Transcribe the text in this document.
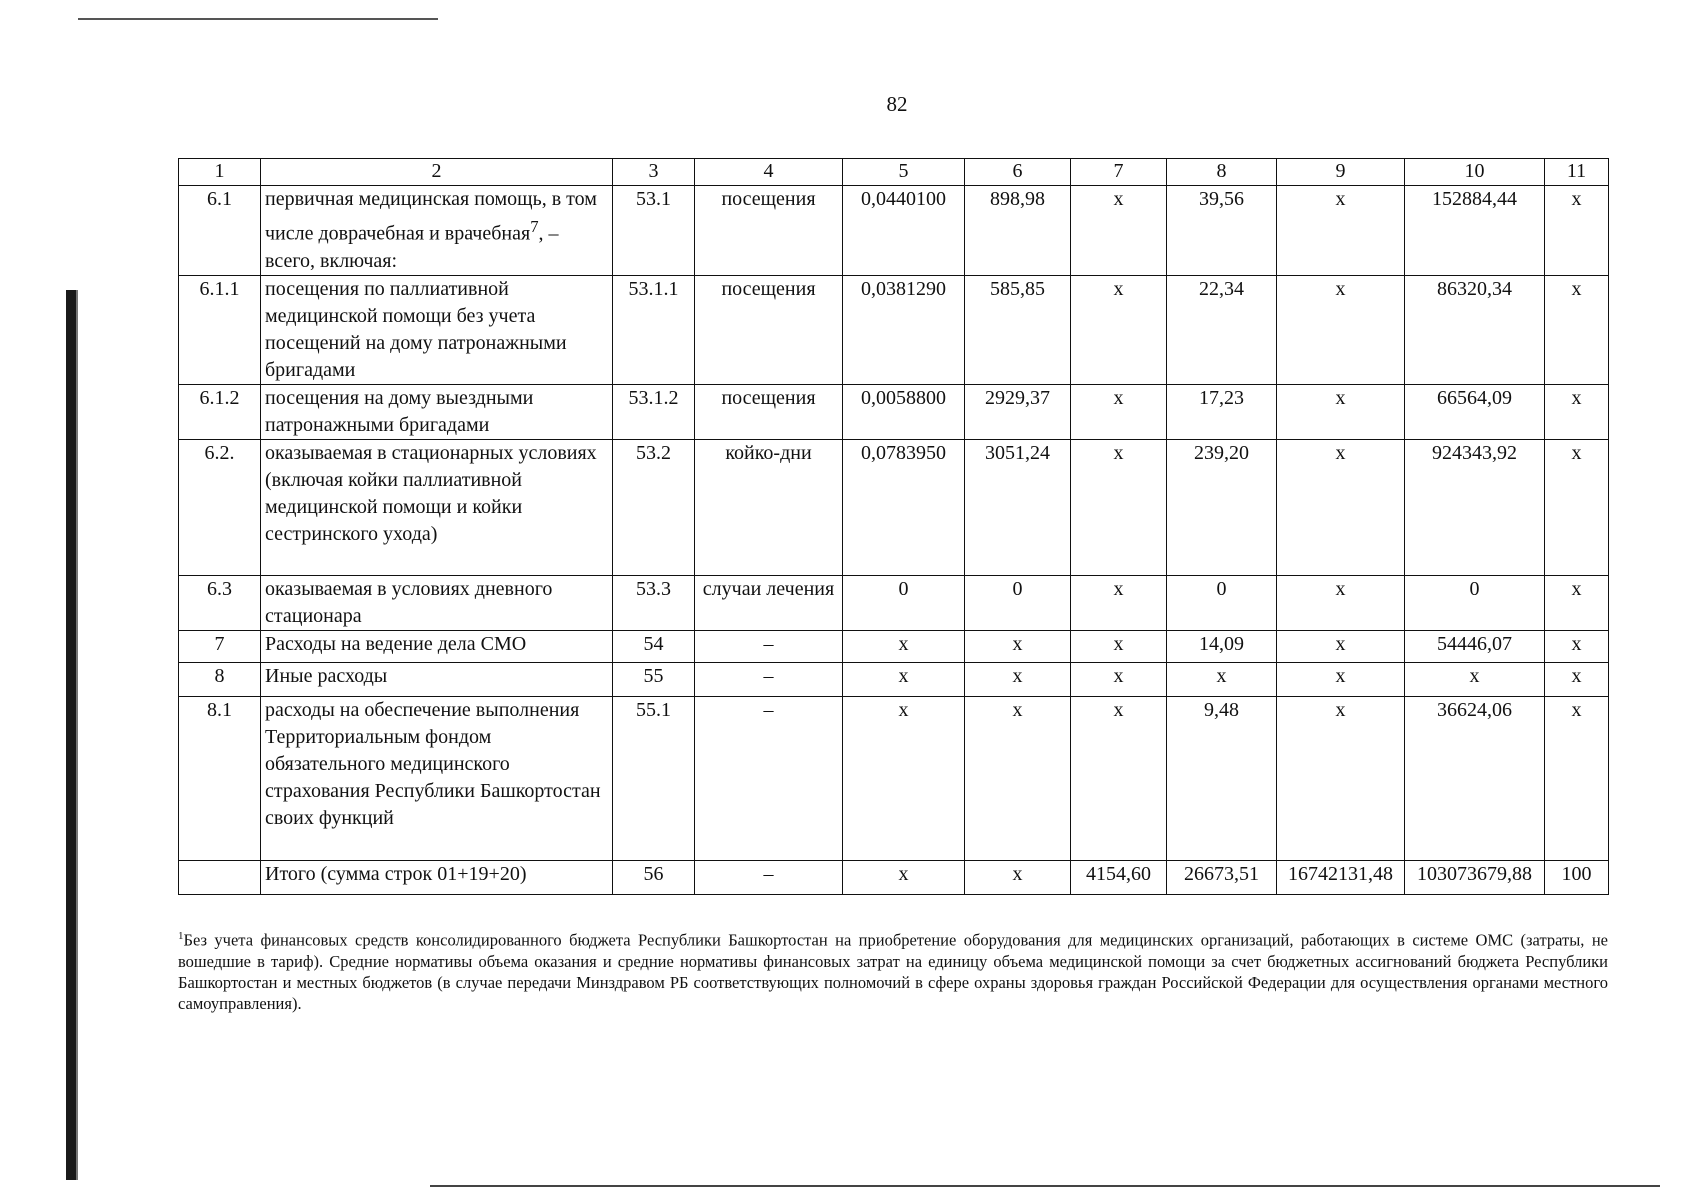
82
1	2	3	4	5	6	7	8	9	10	11
6.1	первичная медицинская помощь, в том числе доврачебная и врачебная$^7$, – всего, включая:	53.1	посещения	0,0440100	898,98	х	39,56	х	152884,44	х
6.1.1	посещения по паллиативной медицинской помощи без учета посещений на дому патронажными бригадами	53.1.1	посещения	0,0381290	585,85	х	22,34	х	86320,34	х
6.1.2	посещения на дому выездными патронажными бригадами	53.1.2	посещения	0,0058800	2929,37	х	17,23	х	66564,09	х
6.2.	оказываемая в стационарных условиях (включая койки паллиативной медицинской помощи и койки сестринского ухода)	53.2	койко-дни	0,0783950	3051,24	х	239,20	х	924343,92	х
6.3	оказываемая в условиях дневного стационара	53.3	случаи лечения	0	0	х	0	х	0	х
7	Расходы на ведение дела СМО	54	–	х	х	х	14,09	х	54446,07	х
8	Иные расходы	55	–	х	х	х	х	х	х	х
8.1	расходы на обеспечение выполнения Территориальным фондом обязательного медицинского страхования Республики Башкортостан своих функций	55.1	–	х	х	х	9,48	х	36624,06	х
	Итого (сумма строк 01+19+20)	56	–	х	х	4154,60	26673,51	16742131,48	103073679,88	100
$^1$Без учета финансовых средств консолидированного бюджета Республики Башкортостан на приобретение оборудования для медицинских организаций, работающих в системе ОМС (затраты, не вошедшие в тариф). Средние нормативы объема оказания и средние нормативы финансовых затрат на единицу объема медицинской помощи за счет бюджетных ассигнований бюджета Республики Башкортостан и местных бюджетов (в случае передачи Минздравом РБ соответствующих полномочий в сфере охраны здоровья граждан Российской Федерации для осуществления органами местного самоуправления).
